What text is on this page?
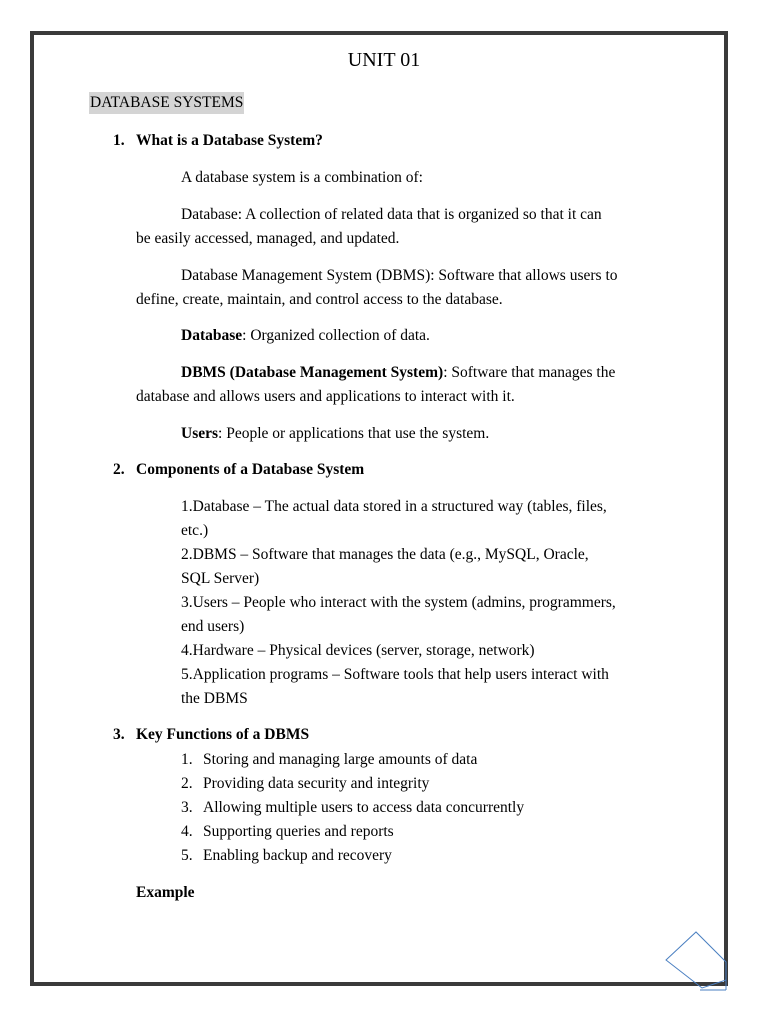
UNIT 01
DATABASE SYSTEMS
1. What is a Database System?
A database system is a combination of:
Database: A collection of related data that is organized so that it can
be easily accessed, managed, and updated.
Database Management System (DBMS): Software that allows users to
define, create, maintain, and control access to the database.
Database: Organized collection of data.
DBMS (Database Management System): Software that manages the
database and allows users and applications to interact with it.
Users: People or applications that use the system.
2. Components of a Database System
1.Database – The actual data stored in a structured way (tables, files,
etc.)
2.DBMS – Software that manages the data (e.g., MySQL, Oracle,
SQL Server)
3.Users – People who interact with the system (admins, programmers,
end users)
4.Hardware – Physical devices (server, storage, network)
5.Application programs – Software tools that help users interact with
the DBMS
3. Key Functions of a DBMS
1. Storing and managing large amounts of data
2. Providing data security and integrity
3. Allowing multiple users to access data concurrently
4. Supporting queries and reports
5. Enabling backup and recovery
Example
